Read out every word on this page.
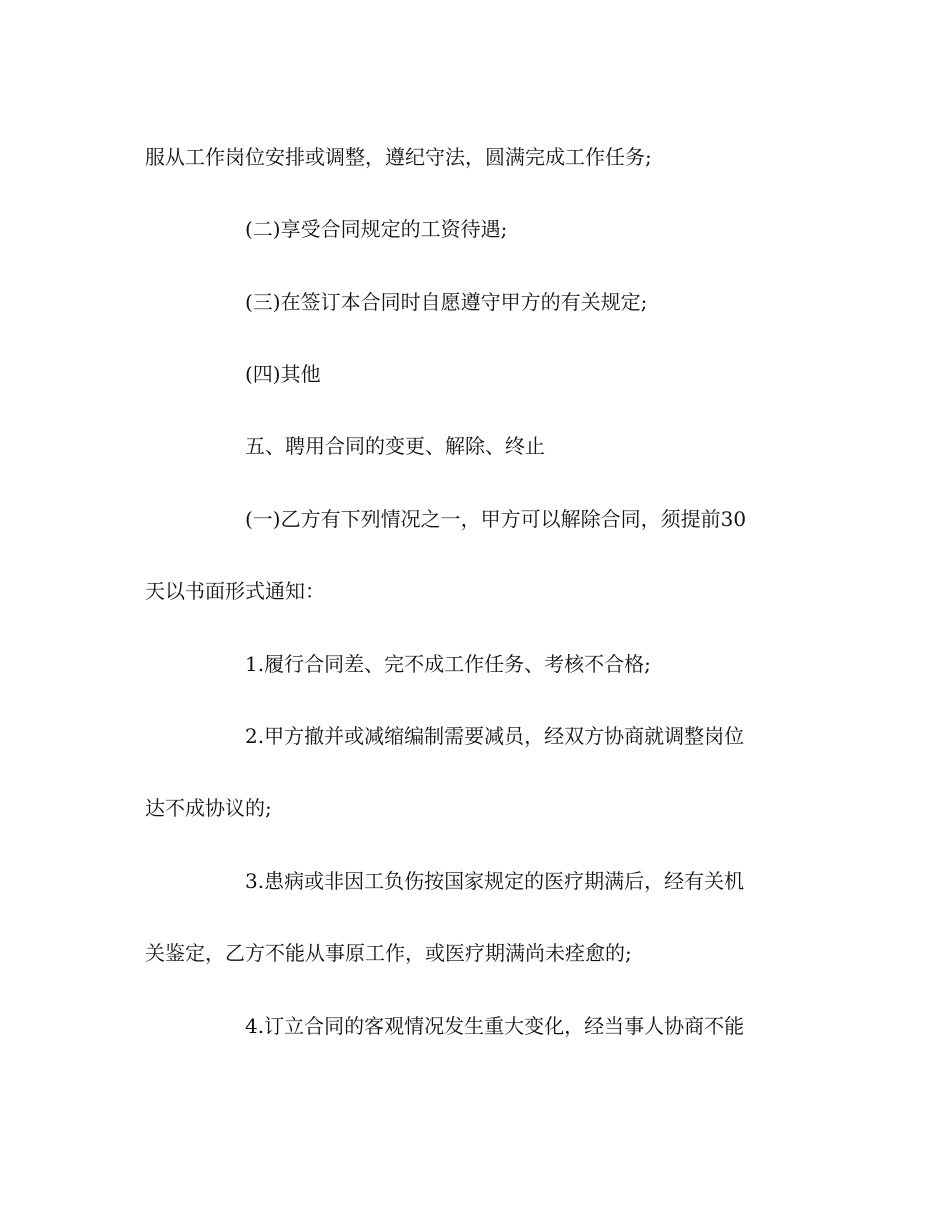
服从工作岗位安排或调整，遵纪守法，圆满完成工作任务;
(二)享受合同规定的工资待遇;
(三)在签订本合同时自愿遵守甲方的有关规定;
(四)其他
五、聘用合同的变更、解除、终止
(一)乙方有下列情况之一，甲方可以解除合同，须提前30
天以书面形式通知：
1.履行合同差、完不成工作任务、考核不合格;
2.甲方撤并或减缩编制需要减员，经双方协商就调整岗位
达不成协议的;
3.患病或非因工负伤按国家规定的医疗期满后，经有关机
关鉴定，乙方不能从事原工作，或医疗期满尚未痊愈的;
4.订立合同的客观情况发生重大变化，经当事人协商不能
